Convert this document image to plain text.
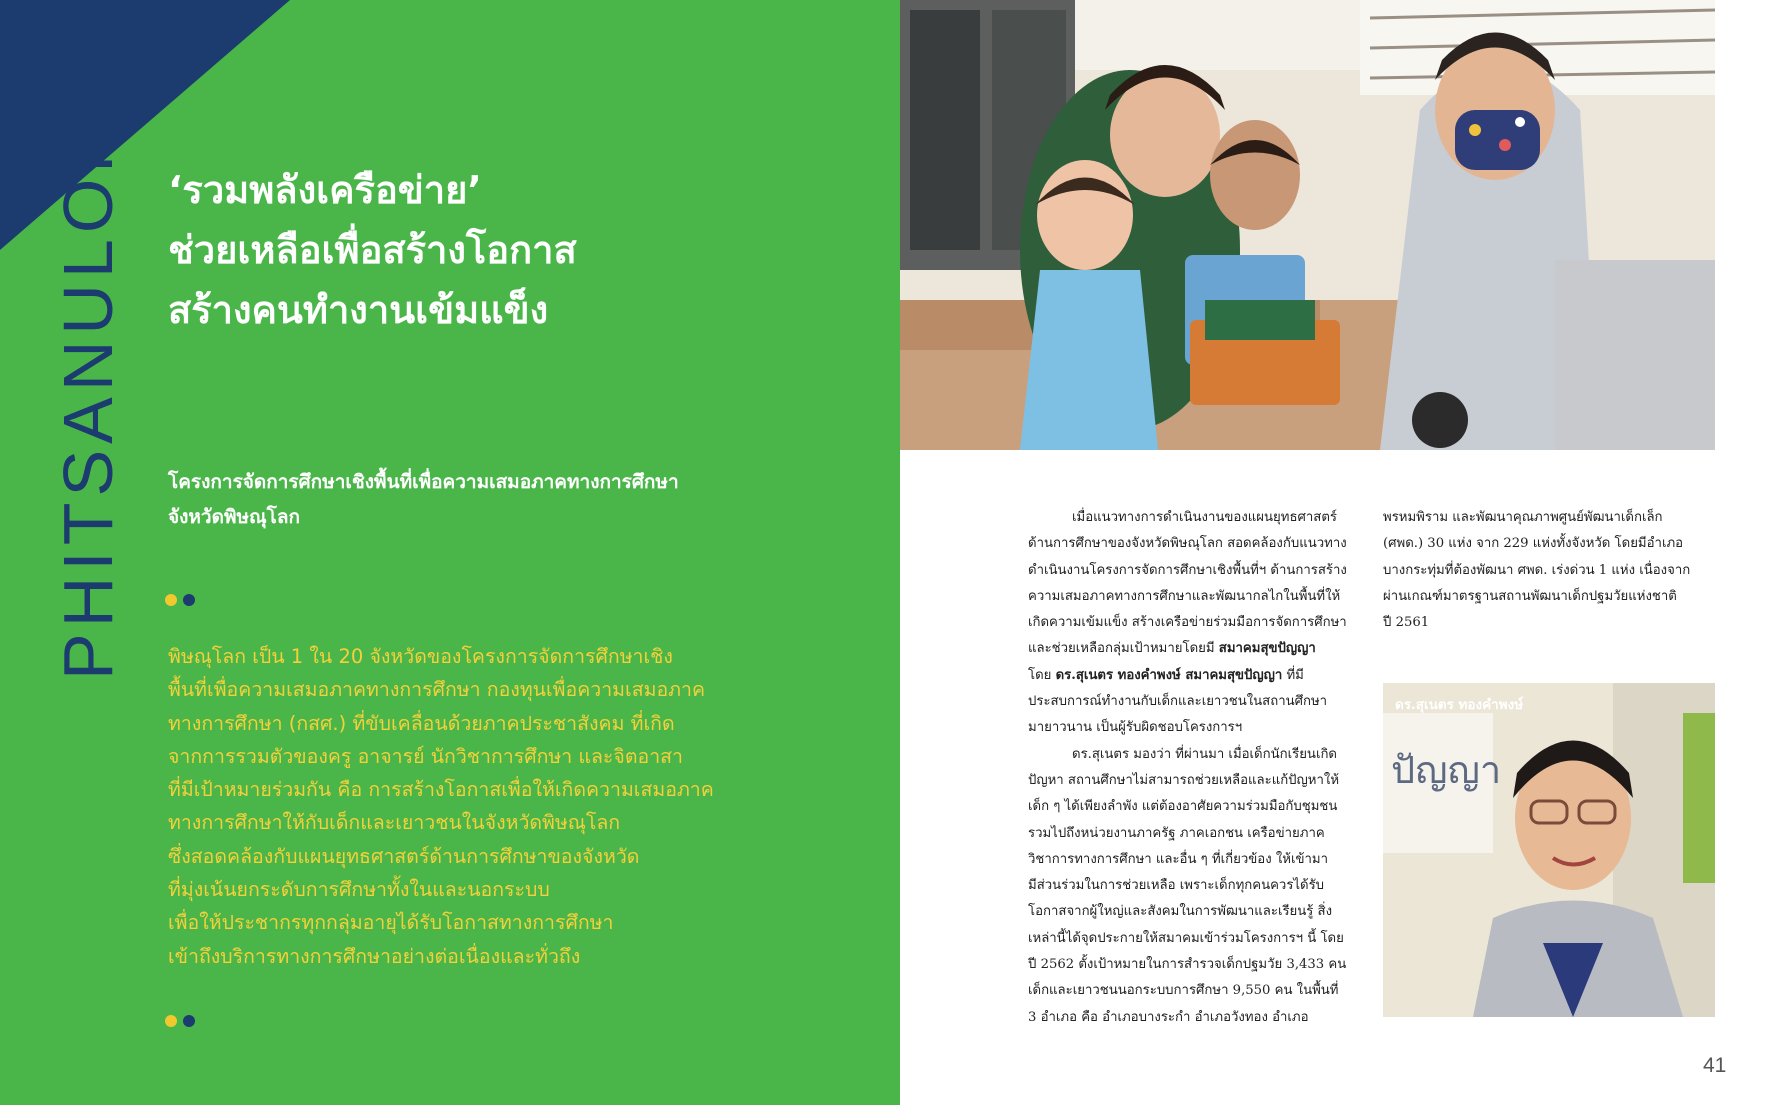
PHITSANULOK ‘รวมพลังเครือข่าย’
ช่วยเหลือเพื่อสร้างโอกาส
สร้างคนทำงานเข้มแข็ง
โครงการจัดการศึกษาเชิงพื้นที่เพื่อความเสมอภาคทางการศึกษา
จังหวัดพิษณุโลก
พิษณุโลก เป็น 1 ใน 20 จังหวัดของโครงการจัดการศึกษาเชิง
พื้นที่เพื่อความเสมอภาคทางการศึกษา กองทุนเพื่อความเสมอภาค
ทางการศึกษา (กสศ.) ที่ขับเคลื่อนด้วยภาคประชาสังคม ที่เกิด
จากการรวมตัวของครู อาจารย์ นักวิชาการศึกษา และจิตอาสา
ที่มีเป้าหมายร่วมกัน คือ การสร้างโอกาสเพื่อให้เกิดความเสมอภาค
ทางการศึกษาให้กับเด็กและเยาวชนในจังหวัดพิษณุโลก
ซึ่งสอดคล้องกับแผนยุทธศาสตร์ด้านการศึกษาของจังหวัด
ที่มุ่งเน้นยกระดับการศึกษาทั้งในและนอกระบบ
เพื่อให้ประชากรทุกกลุ่มอายุได้รับโอกาสทางการศึกษา
เข้าถึงบริการทางการศึกษาอย่างต่อเนื่องและทั่วถึง

เมื่อแนวทางการดำเนินงานของแผนยุทธศาสตร์
ด้านการศึกษาของจังหวัดพิษณุโลก สอดคล้องกับแนวทาง
ดำเนินงานโครงการจัดการศึกษาเชิงพื้นที่ฯ ด้านการสร้าง
ความเสมอภาคทางการศึกษาและพัฒนากลไกในพื้นที่ให้
เกิดความเข้มแข็ง สร้างเครือข่ายร่วมมือการจัดการศึกษา
และช่วยเหลือกลุ่มเป้าหมายโดยมี สมาคมสุขปัญญา
โดย ดร.สุเนตร ทองคำพงษ์ สมาคมสุขปัญญา ที่มี
ประสบการณ์ทำงานกับเด็กและเยาวชนในสถานศึกษา
มายาวนาน เป็นผู้รับผิดชอบโครงการฯ

ดร.สุเนตร มองว่า ที่ผ่านมา เมื่อเด็กนักเรียนเกิด
ปัญหา สถานศึกษาไม่สามารถช่วยเหลือและแก้ปัญหาให้
เด็ก ๆ ได้เพียงลำพัง แต่ต้องอาศัยความร่วมมือกับชุมชน
รวมไปถึงหน่วยงานภาครัฐ ภาคเอกชน เครือข่ายภาค
วิชาการทางการศึกษา และอื่น ๆ ที่เกี่ยวข้อง ให้เข้ามา
มีส่วนร่วมในการช่วยเหลือ เพราะเด็กทุกคนควรได้รับ
โอกาสจากผู้ใหญ่และสังคมในการพัฒนาและเรียนรู้ สิ่ง
เหล่านี้ได้จุดประกายให้สมาคมเข้าร่วมโครงการฯ นี้ โดย
ปี 2562 ตั้งเป้าหมายในการสำรวจเด็กปฐมวัย 3,433 คน
เด็กและเยาวชนนอกระบบการศึกษา 9,550 คน ในพื้นที่
3 อำเภอ คือ อำเภอบางระกำ อำเภอวังทอง อำเภอ

พรหมพิราม และพัฒนาคุณภาพศูนย์พัฒนาเด็กเล็ก
(ศพด.) 30 แห่ง จาก 229 แห่งทั้งจังหวัด โดยมีอำเภอ
บางกระทุ่มที่ต้องพัฒนา ศพด. เร่งด่วน 1 แห่ง เนื่องจาก
ผ่านเกณฑ์มาตรฐานสถานพัฒนาเด็กปฐมวัยแห่งชาติ
ปี 2561

ปัญญา
ดร.สุเนตร ทองคำพงษ์
41
